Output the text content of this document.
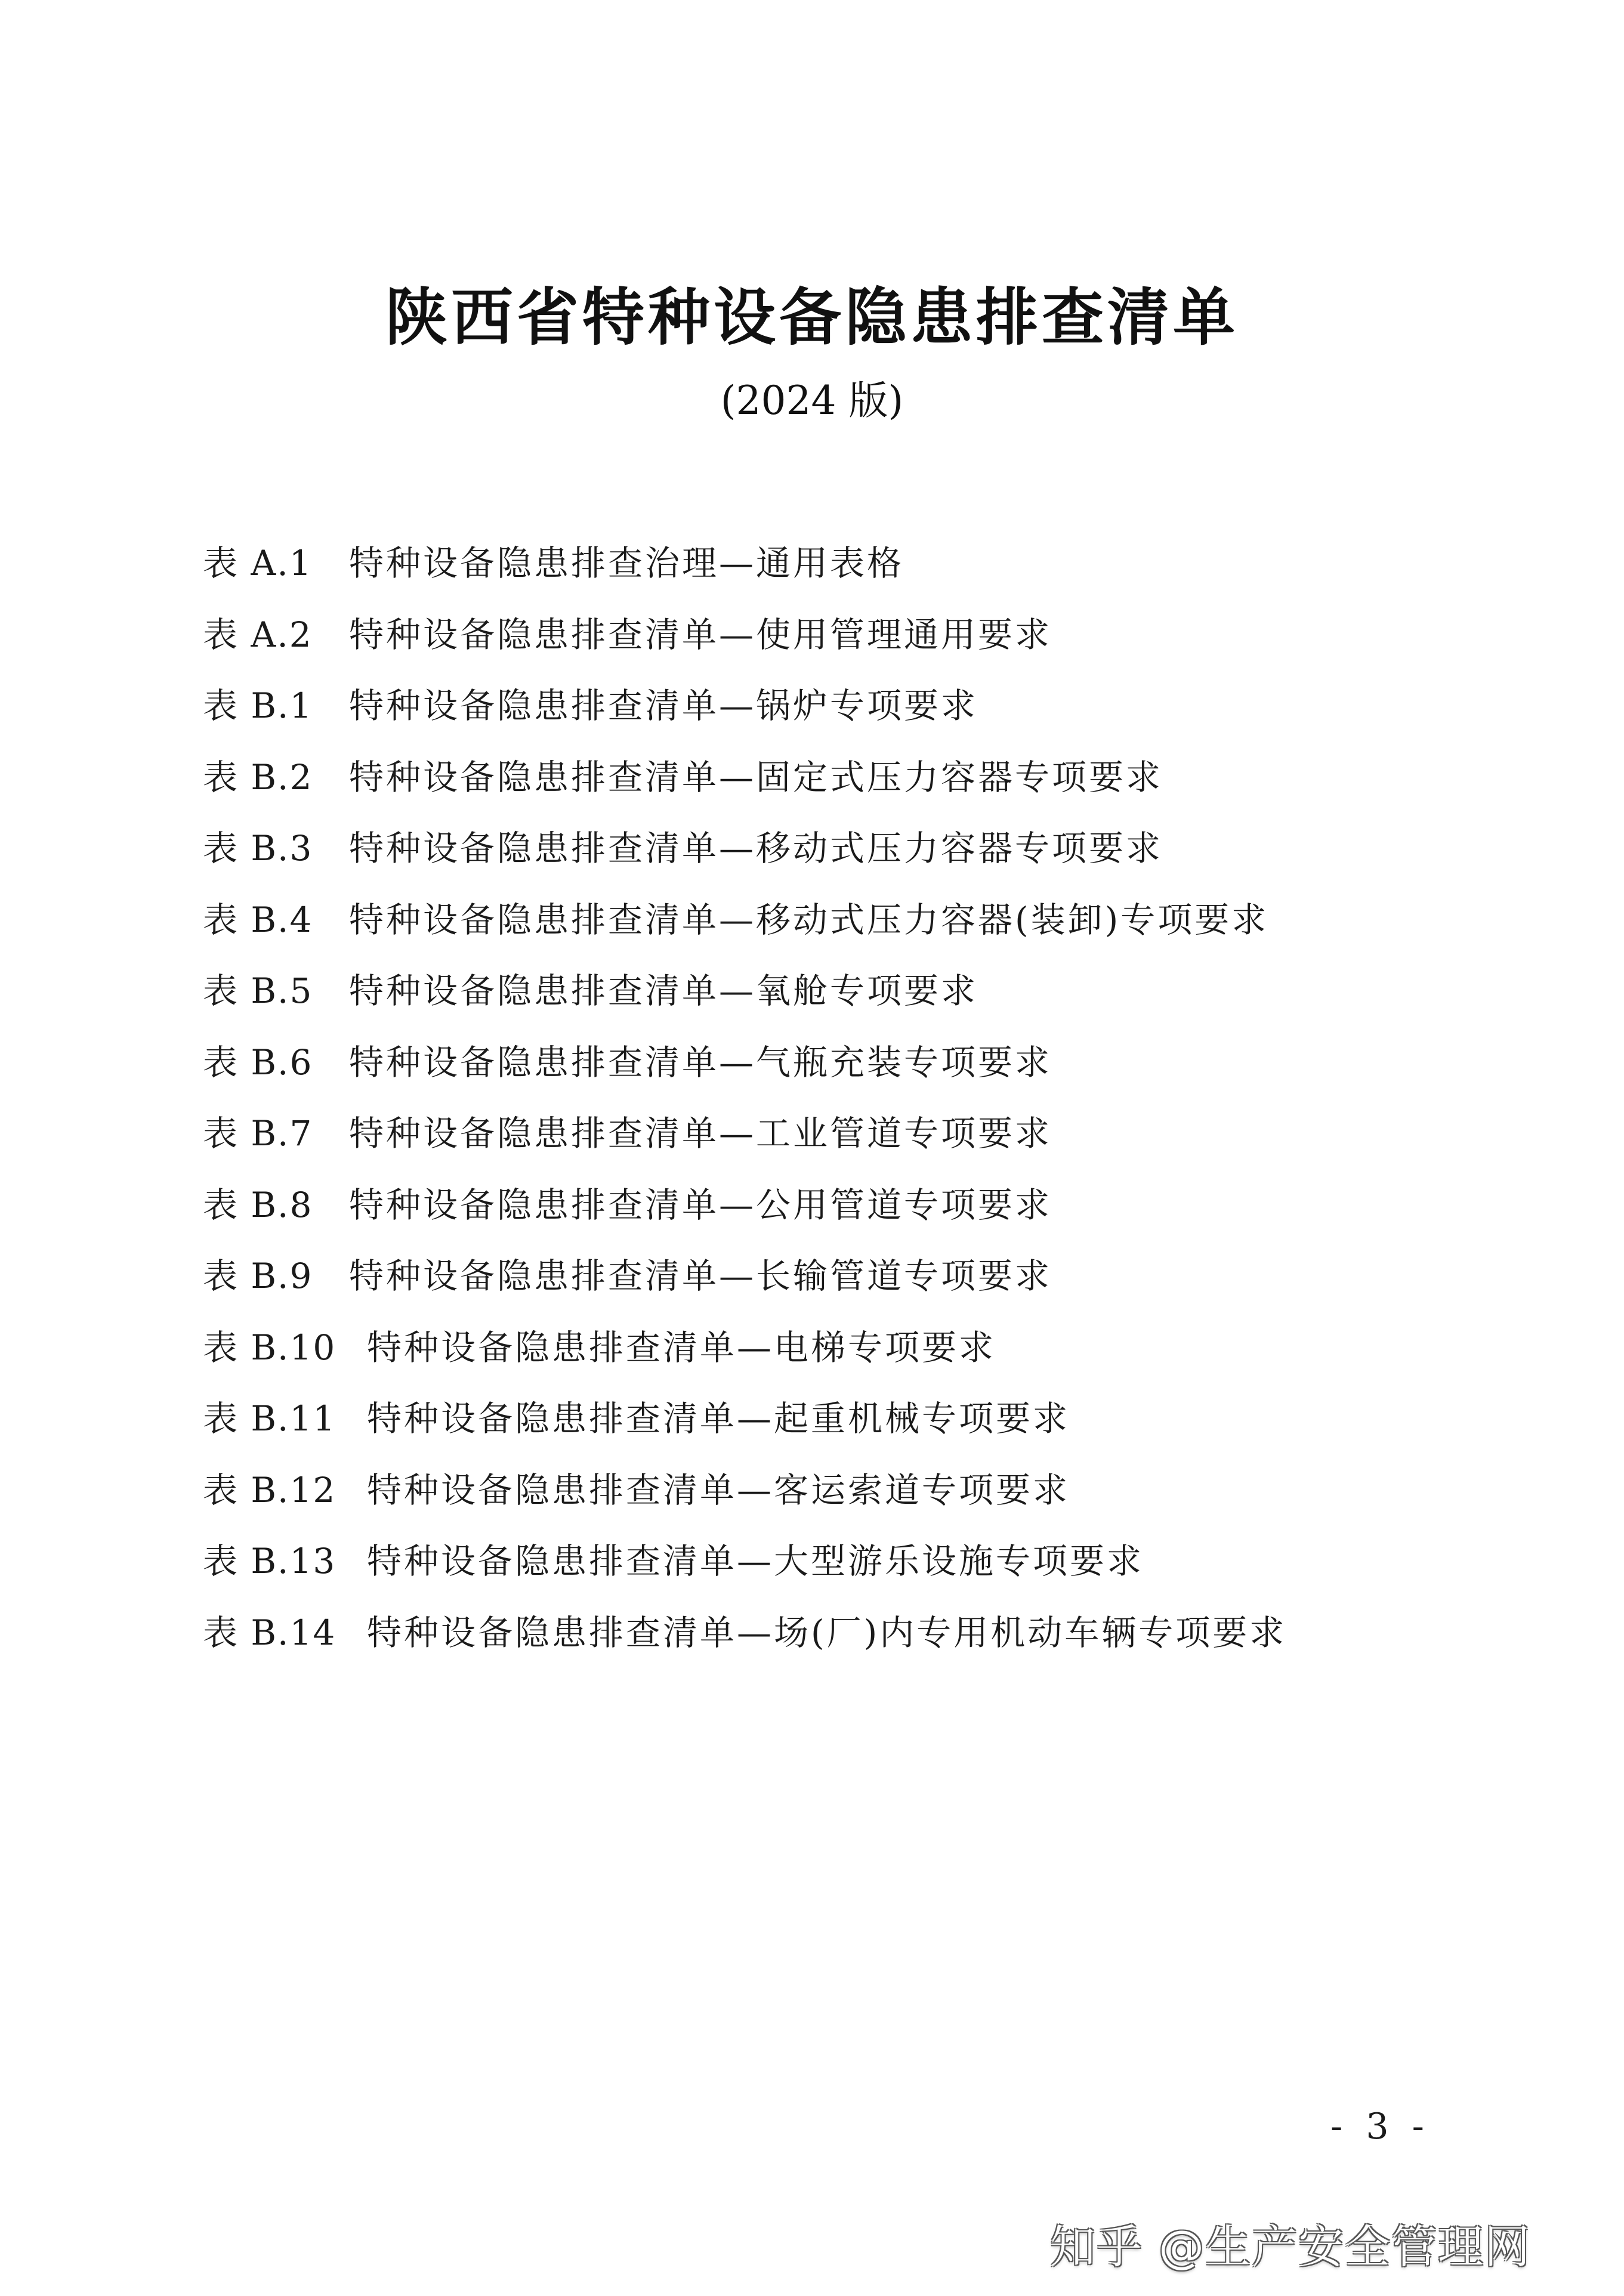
陕西省特种设备隐患排查清单
(2024 版)
表 A.1	特种设备隐患排查治理—通用表格
表 A.2	特种设备隐患排查清单—使用管理通用要求
表 B.1	特种设备隐患排查清单—锅炉专项要求
表 B.2	特种设备隐患排查清单—固定式压力容器专项要求
表 B.3	特种设备隐患排查清单—移动式压力容器专项要求
表 B.4	特种设备隐患排查清单—移动式压力容器(装卸)专项要求
表 B.5	特种设备隐患排查清单—氧舱专项要求
表 B.6	特种设备隐患排查清单—气瓶充装专项要求
表 B.7	特种设备隐患排查清单—工业管道专项要求
表 B.8	特种设备隐患排查清单—公用管道专项要求
表 B.9	特种设备隐患排查清单—长输管道专项要求
表 B.10 特种设备隐患排查清单—电梯专项要求
表 B.11 特种设备隐患排查清单—起重机械专项要求
表 B.12 特种设备隐患排查清单—客运索道专项要求
表 B.13 特种设备隐患排查清单—大型游乐设施专项要求
表 B.14 特种设备隐患排查清单—场(厂)内专用机动车辆专项要求
- 3 -
知乎 @生产安全管理网
